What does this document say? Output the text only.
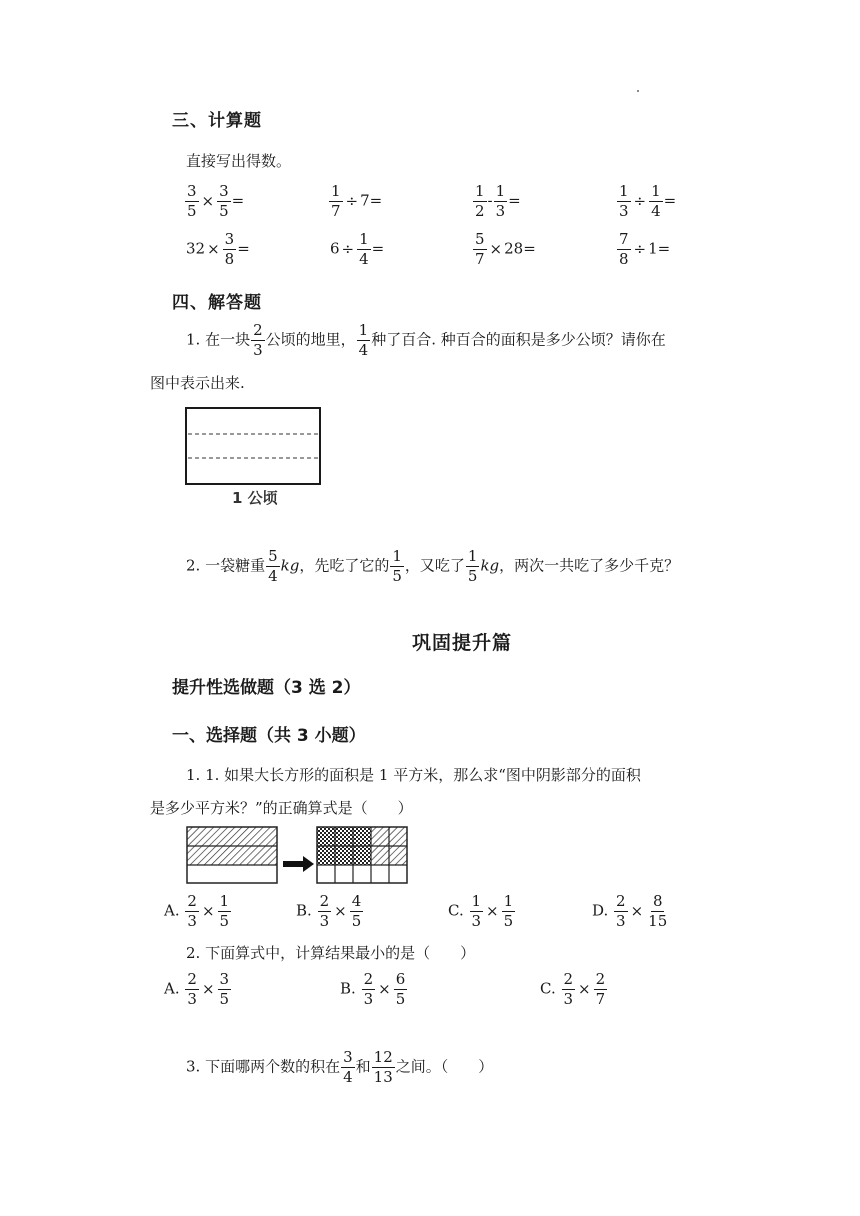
三、计算题
直接写出得数。
$\frac{3}{5} \times \frac{3}{5}$ =	$\frac{1}{7} \div 7=$	$\frac{1}{2} - \frac{1}{3}$ =	$\frac{1}{3} \div \frac{1}{4}$ =
$32 \times \frac{3}{8}$ =	$6 \div \frac{1}{4}$ =	$\frac{5}{7} \times 28=$	$\frac{7}{8} \div 1=$
四、解答题
1. 在一块 $\frac{2}{3}$ 公顷的地里， $\frac{1}{4}$ 种了百合. 种百合的面积是多少公顷？请你在
图中表示出来.
1 公顷
2. 一袋糖重 $\frac{5}{4}$ kg，先吃了它的 $\frac{1}{5}$ ，又吃了 $\frac{1}{5}$ kg，两次一共吃了多少千克？
巩固提升篇
提升性选做题（3 选 2）
一、选择题（共 3 小题）
1. 1. 如果大长方形的面积是 1 平方米，那么求“图中阴影部分的面积
是多少平方米？”的正确算式是（　　）
A. $\frac{2}{3} \times \frac{1}{5}$	B. $\frac{2}{3} \times \frac{4}{5}$	C. $\frac{1}{3} \times \frac{1}{5}$	D. $\frac{2}{3} \times \frac{8}{15}$
2. 下面算式中，计算结果最小的是（　　）
A. $\frac{2}{3} \times \frac{3}{5}$	B. $\frac{2}{3} \times \frac{6}{5}$	C. $\frac{2}{3} \times \frac{2}{7}$
3. 下面哪两个数的积在 $\frac{3}{4}$ 和 $\frac{12}{13}$ 之间。（　　）
